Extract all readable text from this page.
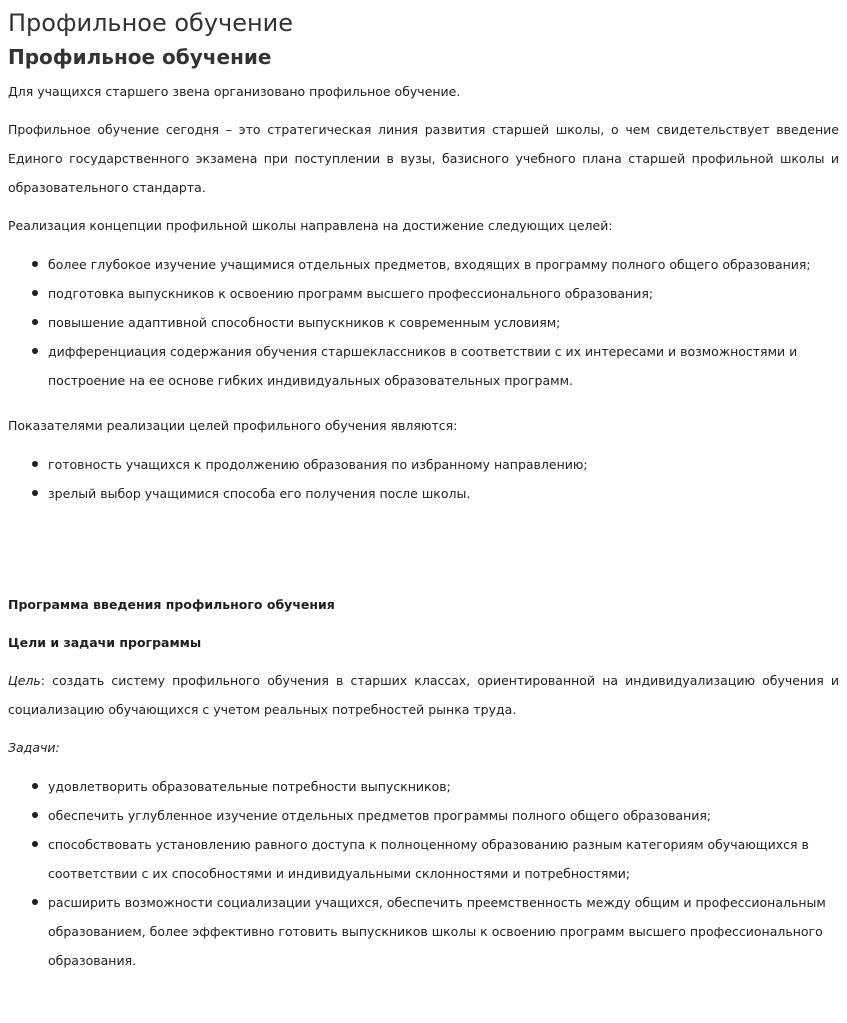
Профильное обучение
Профильное обучение

Для учащихся старшего звена организовано профильное обучение.

Профильное обучение сегодня – это стратегическая линия развития старшей школы, о чем свидетельствует введение Единого государственного экзамена при поступлении в вузы, базисного учебного плана старшей профильной школы и образовательного стандарта.

Реализация концепции профильной школы направлена на достижение следующих целей:

более глубокое изучение учащимися отдельных предметов, входящих в программу полного общего образования;
подготовка выпускников к освоению программ высшего профессионального образования;
повышение адаптивной способности выпускников к современным условиям;
дифференциация содержания обучения старшеклассников в соответствии с их интересами и возможностями и построение на ее основе гибких индивидуальных образовательных программ.

Показателями реализации целей профильного обучения являются:

готовность учащихся к продолжению образования по избранному направлению;
зрелый выбор учащимися способа его получения после школы.

Программа введения профильного обучения

Цели и задачи программы

Цель: создать систему профильного обучения в старших классах, ориентированной на индивидуализацию обучения и социализацию обучающихся с учетом реальных потребностей рынка труда.

Задачи:

удовлетворить образовательные потребности выпускников;
обеспечить углубленное изучение отдельных предметов программы полного общего образования;
способствовать установлению равного доступа к полноценному образованию разным категориям обучающихся в соответствии с их способностями и индивидуальными склонностями и потребностями;
расширить возможности социализации учащихся, обеспечить преемственность между общим и профессиональным образованием, более эффективно готовить выпускников школы к освоению программ высшего профессионального образования.
